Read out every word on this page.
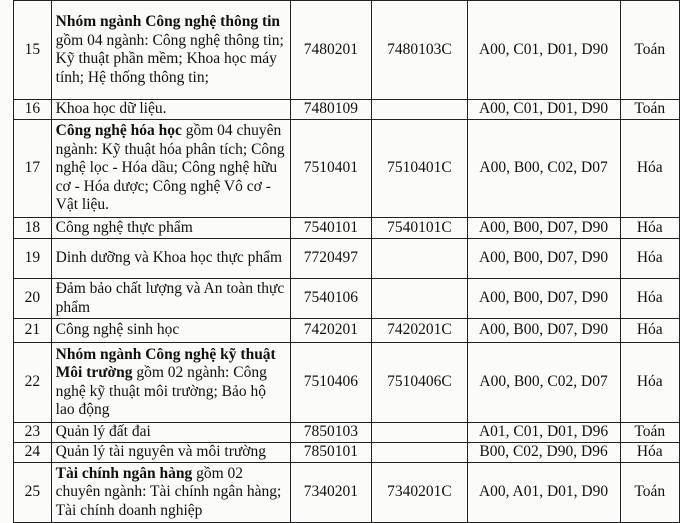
15	Nhóm ngành Công nghệ thông tin gồm 04 ngành: Công nghệ thông tin; Kỹ thuật phần mềm; Khoa học máy tính; Hệ thống thông tin;	7480201	7480103C	A00, C01, D01, D90	Toán
16	Khoa học dữ liệu.	7480109		A00, C01, D01, D90	Toán
17	Công nghệ hóa học gồm 04 chuyên ngành: Kỹ thuật hóa phân tích; Công nghệ lọc - Hóa dầu; Công nghệ hữu cơ - Hóa dược; Công nghệ Vô cơ - Vật liệu.	7510401	7510401C	A00, B00, C02, D07	Hóa
18	Công nghệ thực phẩm	7540101	7540101C	A00, B00, D07, D90	Hóa
19	Dinh dưỡng và Khoa học thực phẩm	7720497		A00, B00, D07, D90	Hóa
20	Đảm bảo chất lượng và An toàn thực phẩm	7540106		A00, B00, D07, D90	Hóa
21	Công nghệ sinh học	7420201	7420201C	A00, B00, D07, D90	Hóa
22	Nhóm ngành Công nghệ kỹ thuật Môi trường gồm 02 ngành: Công nghệ kỹ thuật môi trường; Bảo hộ lao động	7510406	7510406C	A00, B00, C02, D07	Hóa
23	Quản lý đất đai	7850103		A01, C01, D01, D96	Toán
24	Quản lý tài nguyên và môi trường	7850101		B00, C02, D90, D96	Hóa
25	Tài chính ngân hàng gồm 02 chuyên ngành: Tài chính ngân hàng; Tài chính doanh nghiệp	7340201	7340201C	A00, A01, D01, D90	Toán
